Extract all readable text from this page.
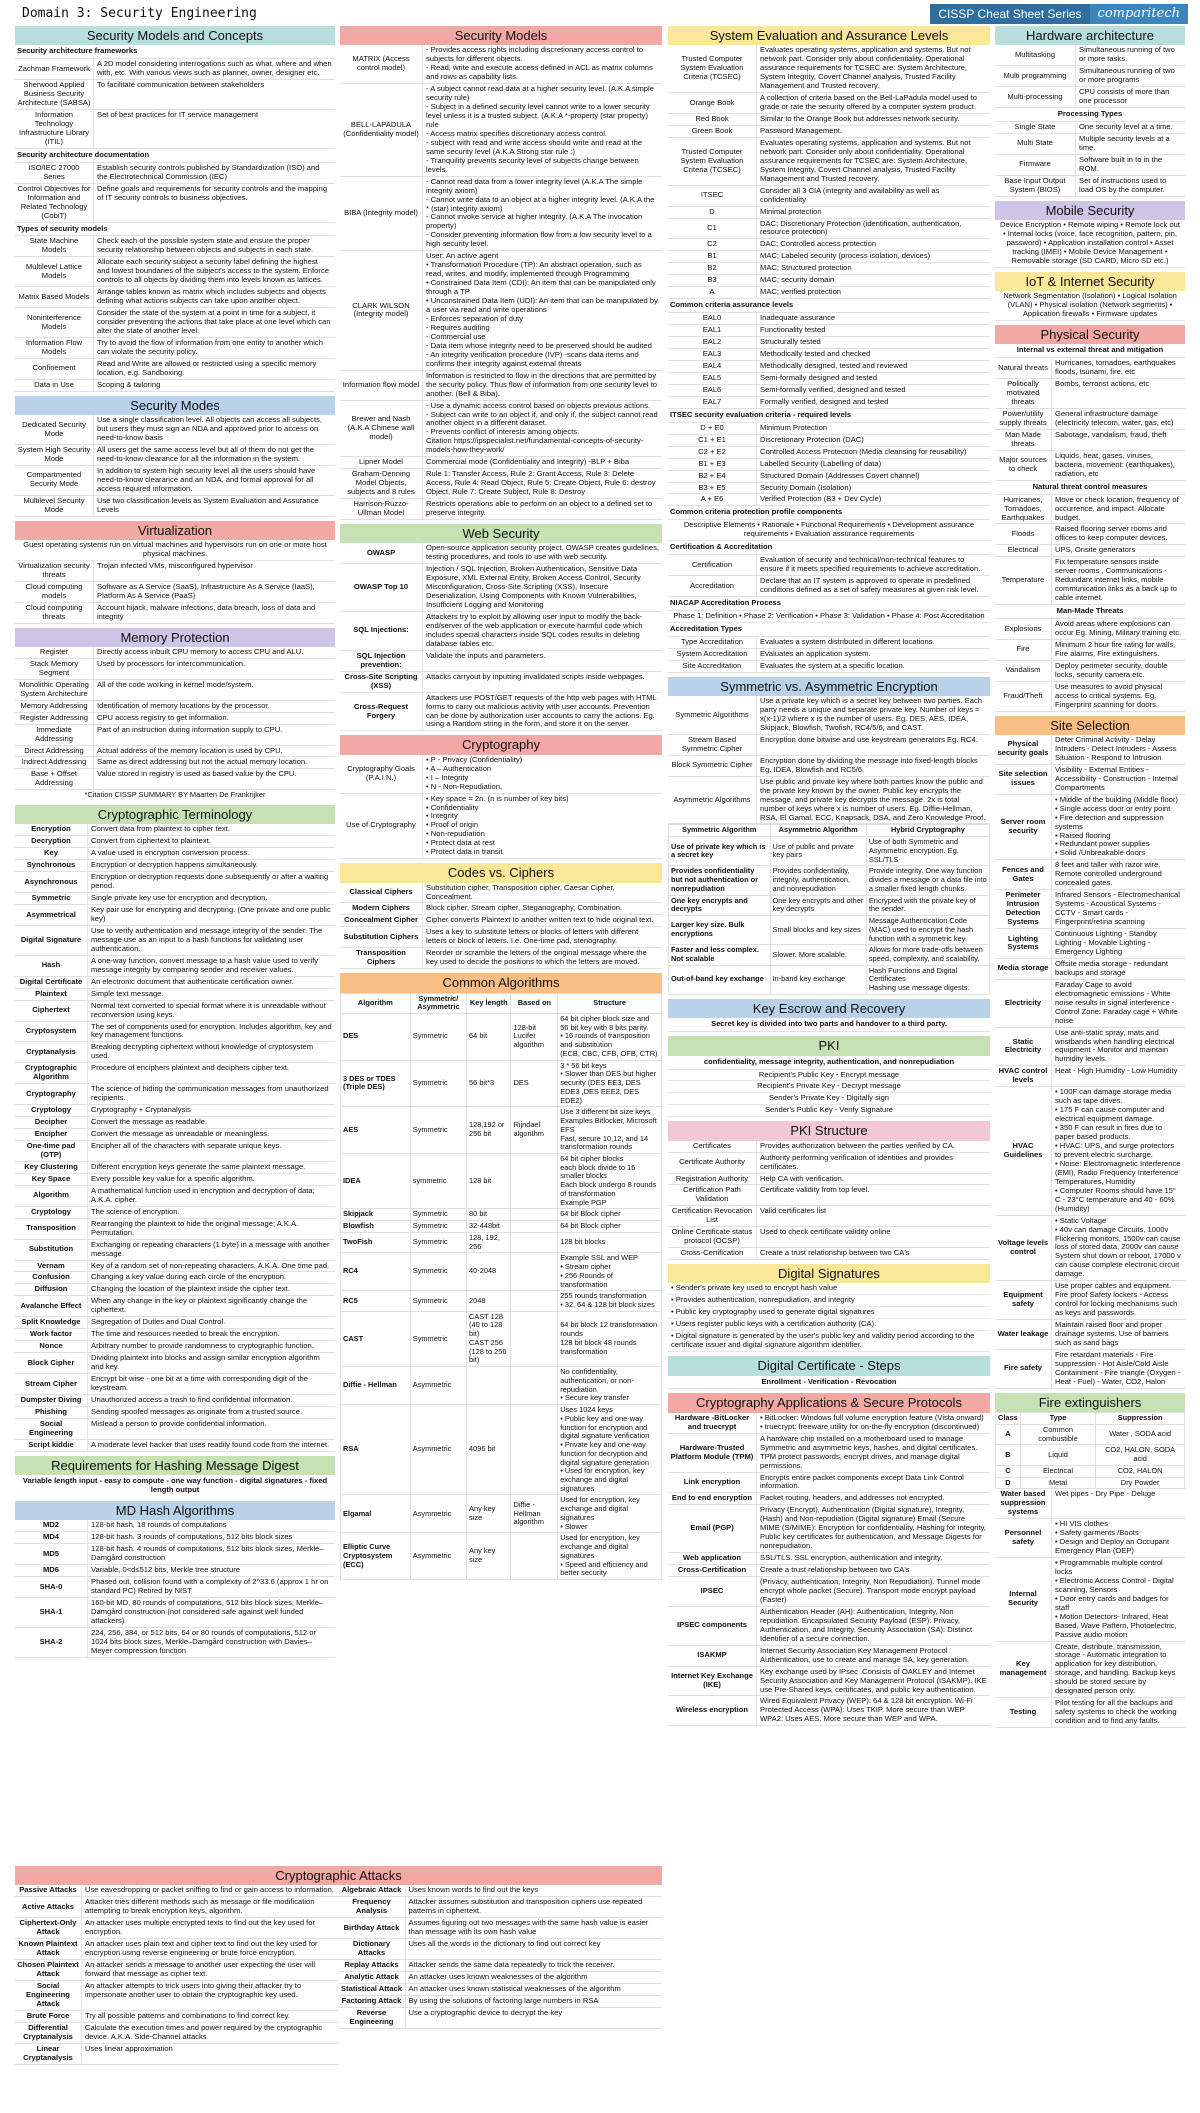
Domain 3: Security Engineering	CISSP Cheat Sheet Series	comparitech
Security Models and Concepts
Security architecture frameworks
Zachman Framework A 2D model considering interrogations such as what, where and when with, etc. With various views such as planner, owner, designer etc.
Sherwood Applied Business Security Architecture (SABSA)
To facilitate communication between stakeholders
Information Technology Infrastructure Library (ITIL)
Set of best practices for IT service management
Security architecture documentation
ISO/IEC 27000 Series
Establish security controls published by Standardization (ISO) and the Electrotechnical Commission (IEC)
Control Objectives for Information and Related Technology (CobiT)
Define goals and requirements for security controls and the mapping of IT security controls to business objectives.
Types of security models
State Machine Models
Check each of the possible system state and ensure the proper security relationship between objects and subjects in each state.
Multilevel Lattice Models
Allocate each security subject a security label defining the highest and lowest boundaries of the subject's access to the system. Enforce controls to all objects by dividing them into levels known as lattices.
Matrix Based Models Arrange tables known as matrix which includes subjects and objects defining what actions subjects can take upon another object.
Noninterference Models
Consider the state of the system at a point in time for a subject, it consider preventing the actions that take place at one level which can alter the state of another level.
Information Flow Models
Try to avoid the flow of information from one entity to another which can violate the security policy.
Confinement	Read and Write are allowed or restricted using a specific memory location, e.g. Sandboxing.
Data in Use	Scoping & tailoring
Security Modes
Dedicated Security Mode
Use a single classification level. All objects can access all subjects, but users they must sign an NDA and approved prior to access on need-to-know basis
System High Security Mode
All users get the same access level but all of them do not get the need-to-know clearance for all the information in the system.
Compartmented Security Mode
In addition to system high security level all the users should have need-to-know clearance and an NDA, and formal approval for all access required information.
Multilevel Security Mode
Use two classification levels as System Evaluation and Assurance Levels
Virtualization
Guest operating systems run on virtual machines and hypervisors run on one or more host physical machines.
Virtualization security threats
Trojan infected VMs, misconfigured hypervisor
Cloud computing models
Software as A Service (SaaS), Infrastructure As A Service (IaaS), Platform As A Service (PaaS)
Cloud computing threats
Account hijack, malware infections, data breach, loss of data and integrity
Memory Protection
Register	Directly access inbuilt CPU memory to access CPU and ALU.
Stack Memory Segment
Used by processors for intercommunication.
Monolithic Operating System Architecture
All of the code working in kernel mode/system.
Memory Addressing	Identification of memory locations by the processor.
Register Addressing	CPU access registry to get information.
Immediate Addressing
Part of an instruction during information supply to CPU.
Direct Addressing	Actual address of the memory location is used by CPU.
Indirect Addressing	Same as direct addressing but not the actual memory location.
Base + Offset Addressing
Value stored in registry is used as based value by the CPU.
*Citation CISSP SUMMARY BY Maarten De Frankrijker
Cryptographic Terminology
Encryption	Convert data from plaintext to cipher text.
Decryption	Convert from ciphertext to plaintext.
Key	A value used in encryption conversion process.
Synchronous	Encryption or decryption happens simultaneously.
Asynchronous	Encryption or decryption requests done subsequently or after a waiting period.
Symmetric	Single private key use for encryption and decryption.
Asymmetrical	Key pair use for encrypting and decrypting. (One private and one public key)
Digital Signature
Use to verify authentication and message integrity of the sender. The message use as an input to a hash functions for validating user authentication.
Hash	A one-way function, convert message to a hash value used to verify message integrity by comparing sender and receiver values.
Digital Certificate	An electronic document that authenticate certification owner.
Plaintext	Simple text message.
Ciphertext	Normal text converted to special format where it is unreadable without reconversion using keys.
Cryptosystem	The set of components used for encryption. Includes algorithm, key and key management functions.
Cryptanalysis	Breaking decrypting ciphertext without knowledge of cryptosystem used.
Cryptographic Algorithm
Procedure of enciphers plaintext and deciphers cipher text.
Cryptography	The science of hiding the communication messages from unauthorized recipients.
Cryptology	Cryptography + Cryptanalysis
Decipher	Convert the message as readable.
Encipher	Convert the message as unreadable or meaningless.
One-time pad (OTP)
Encipher all of the characters with separate unique keys.
Key Clustering	Different encryption keys generate the same plaintext message.
Key Space	Every possible key value for a specific algorithm.
Algorithm	A mathematical function used in encryption and decryption of data; A.K.A. cipher.
Cryptology	The science of encryption.
Transposition	Rearranging the plaintext to hide the original message; A.K.A. Permutation.
Substitution	Exchanging or repeating characters (1 byte) in a message with another message.
Vernam	Key of a random set of non-repeating characters. A.K.A. One time pad.
Confusion	Changing a key value during each circle of the encryption.
Diffusion	Changing the location of the plaintext inside the cipher text.
Avalanche Effect	When any change in the key or plaintext significantly change the ciphertext.
Split Knowledge	Segregation of Duties and Dual Control.
Work factor	The time and resources needed to break the encryption.
Nonce	Arbitrary number to provide randomness to cryptographic function.
Block Cipher	Dividing plaintext into blocks and assign similar encryption algorithm and key.
Stream Cipher	Encrypt bit wise - one bit at a time with corresponding digit of the keystream.
Dumpster Diving	Unauthorized access a trash to find confidential information.
Phishing	Sending spoofed messages as originate from a trusted source.
Social Engineering
Mislead a person to provide confidential information.
Script kiddie	A moderate level hacker that uses readily found code from the internet.
Requirements for Hashing Message Digest
Variable length input - easy to compute - one way function - digital signatures - fixed length output
MD Hash Algorithms
MD2	128-bit hash, 18 rounds of computations
MD4	128-bit hash. 3 rounds of computations, 512 bits block sizes
MD5	128-bit hash. 4 rounds of computations, 512 bits block sizes, Merkle–Damgård construction
MD6	Variable, 0<d≤512 bits, Merkle tree structure
SHA-0	Phased out, collision found with a complexity of 2^33.6 (approx 1 hr on standard PC) Retired by NIST
SHA-1
160-bit MD, 80 rounds of computations, 512 bits block sizes, Merkle–Damgård construction (not considered safe against well funded attackers)
SHA-2
224, 256, 384, or 512 bits, 64 or 80 rounds of computations, 512 or 1024 bits block sizes, Merkle–Damgård construction with Davies–Meyer compression function
Security Models
MATRIX (Access control model)
- Provides access rights including discretionary access control to subjects for different objects.
- Read, write and execute access defined in ACL as matrix columns and rows as capability lists.
BELL-LAPADULA (Confidentiality model)
- A subject cannot read data at a higher security level. (A.K.A simple security rule)
- Subject in a defined security level cannot write to a lower security level unless it is a trusted subject. (A.K.A *-property (star property) rule
- Access matrix specifies discretionary access control.
- subject with read and write access should write and read at the same security level (A.K.A Strong star rule :)
- Tranquility prevents security level of subjects change between levels.
BIBA (Integrity model)
- Cannot read data from a lower integrity level (A.K.A The simple integrity axiom)
- Cannot write data to an object at a higher integrity level. (A.K.A the * (star) integrity axiom)
- Cannot invoke service at higher integrity. (A.K.A The invocation property)
- Consider preventing information flow from a low security level to a high security level.
CLARK WILSON (Integrity model)
User: An active agent
• Transformation Procedure (TP): An abstract operation, such as read, writes, and modify, implemented through Programming
• Constrained Data Item (CDI): An item that can be manipulated only through a TP
• Unconstrained Data Item (UDI): An item that can be manipulated by a user via read and write operations
- Enforces separation of duty
- Requires auditing
- Commercial use
- Data item whose integrity need to be preserved should be audited
- An integrity verification procedure (IVP) -scans data items and confirms their integrity against external threats
Information flow model
Information is restricted to flow in the directions that are permitted by the security policy. Thus flow of information from one security level to another. (Bell & Biba).
Brewer and Nash (A.K.A Chinese wall model)
- Use a dynamic access control based on objects previous actions.
- Subject can write to an object if, and only if, the subject cannot read another object in a different dataset.
- Prevents conflict of interests among objects.
Citation https://ipspecialist.net/fundamental-concepts-of-security-models-how-they-work/
Lipner Model	Commercial mode (Confidentiality and Integrity) -BLP + Biba
Graham-Denning Model Objects, subjects and 8 rules
Rule 1: Transfer Access, Rule 2: Grant Access, Rule 3: Delete Access, Rule 4: Read Object, Rule 5: Create Object, Rule 6: destroy Object, Rule 7: Create Subject, Rule 8: Destroy
Harrison-Ruzzo-Ullman Model
Restricts operations able to perform on an object to a defined set to preserve integrity.
Web Security
OWASP	Open-source application security project. OWASP creates guidelines, testing procedures, and tools to use with web security.
OWASP Top 10
Injection / SQL Injection, Broken Authentication, Sensitive Data Exposure, XML External Entity, Broken Access Control, Security Misconfiguration, Cross-Site Scripting (XSS), Insecure Deserialization, Using Components with Known Vulnerabilities, Insufficient Logging and Monitoring
SQL Injections:
Attackers try to exploit by allowing user input to modify the back-end/server of the web application or execute harmful code which includes special characters inside SQL codes results in deleting database tables etc.
SQL Injection prevention:
Validate the inputs and parameters.
Cross-Site Scripting (XSS)
Attacks carryout by inputting invalidated scripts inside webpages.
Cross-Request Forgery
Attackers use POST/GET requests of the http web pages with HTML forms to carry out malicious activity with user accounts. Prevention can be done by authorization user accounts to carry the actions. Eg. using a Random string in the form, and store it on the server.
Cryptography
Cryptography Goals (P.A.I.N.)
• P - Privacy (Confidentiality)
• A – Authentication
• I – Integrity
• N - Non-Repudiation.
Use of Cryptography
• Key space = 2n. (n is number of key bits)
• Confidentiality
• Integrity
• Proof of origin
• Non-repudiation
• Protect data at rest
• Protect data in transit
Codes vs. Ciphers
Classical Ciphers	Substitution cipher, Transposition cipher, Caesar Cipher, Concealment.
Modern Ciphers	Block cipher, Stream cipher, Steganography, Combination.
Concealment Cipher	Cipher converts Plaintext to another written text to hide original text.
Substitution Ciphers	Uses a key to substitute letters or blocks of letters with different letters or block of letters. I.e. One-time pad, stenography.
Transposition Ciphers
Reorder or scramble the letters of the original message where the key used to decide the positions to which the letters are moved.
Common Algorithms
Algorithm	Symmetric/ Asymmetric	Key length	Based on	Structure
DES	Symmetric	64 bit	128-bit Lucifer algorithm	64 bit cipher block size and 56 bit key with 8 bits parity.
• 16 rounds of transposition and substitution
(ECB, CBC, CFB, OFB, CTR)
3 DES or TDES (Triple DES)	Symmetric	56 bit*3	DES	3 * 56 bit keys
• Slower than DES but higher security (DES EE3, DES EDE3 ,DES EEE2, DES EDE2)
AES	Symmetric	128,192 or 256 bit	Rijndael algorithm	Use 3 different bit size keys
Examples Bitlocker, Microsoft EFS
Fast, secure 10,12, and 14 transformation rounds
IDEA	symmetric	128 bit		64 bit cipher blocks
each block divide to 16 smaller blocks
Each block undergo 8 rounds of transformation
Example PGP
Skipjack	Symmetric	80 bit		64 bit Block cipher
Blowfish	Symmetric	32-448bit		64 bit Block cipher
TwoFish	Symmetric	128, 192, 256		128 bit blocks
RC4	Symmetric	40-2048		Example SSL and WEP
• Stream cipher
• 256 Rounds of transformation
RC5	Symmetric	2048		255 rounds transformation
• 32, 64 & 128 bit block sizes
CAST	Symmetric	CAST 128 (40 to 128 bit)
CAST 256 (128 to 256 bit)		64 bit block 12 transformation rounds
128 bit block 48 rounds transformation
Diffie - Hellman	Asymmetric			No confidentiality, authentication, or non-repudiation
• Secure key transfer
RSA	Asymmetric	4096 bit		Uses 1024 keys
• Public key and one-way function for encryption and digital signature verification
• Private key and one-way function for decryption and digital signature generation
• Used for encryption, key exchange and digital signatures
Elgamal	Asymmetric	Any key size	Diffie - Hellman algorithm	Used for encryption, key exchange and digital signatures
• Slower
Elliptic Curve Cryptosystem (ECC)	Asymmetric	Any key size		Used for encryption, key exchange and digital signatures
• Speed and efficiency and better security
System Evaluation and Assurance Levels
Trusted Computer System Evaluation Criteria (TCSEC)
Evaluates operating systems, application and systems. But not network part. Consider only about confidentiality. Operational assurance requirements for TCSEC are: System Architecture, System Integrity, Covert Channel analysis, Trusted Facility Management and Trusted recovery.
Orange Book	A collection of criteria based on the Bell-LaPadula model used to grade or rate the security offered by a computer system product.
Red Book	Similar to the Orange Book but addresses network security.
Green Book	Password Management.
Trusted Computer System Evaluation Criteria (TCSEC)
Evaluates operating systems, application and systems. But not network part. Consider only about confidentiality. Operational assurance requirements for TCSEC are: System Architecture, System Integrity, Covert Channel analysis, Trusted Facility Management and Trusted recovery.
ITSEC	Consider all 3 CIA (integrity and availability as well as confidentiality
D	Minimal protection
C1	DAC; Discretionary Protection (identification, authentication, resource protection)
C2	DAC; Controlled access protection
B1	MAC; Labeled security (process isolation, devices)
B2	MAC; Structured protection
B3	MAC; security domain
A	MAC; verified protection
Common criteria assurance levels
EAL0	Inadequate assurance
EAL1	Functionality tested
EAL2	Structurally tested
EAL3	Methodically tested and checked
EAL4	Methodically designed, tested and reviewed
EAL5	Semi-formally designed and tested
EAL6	Semi-formally verified, designed and tested
EAL7	Formally verified, designed and tested
ITSEC security evaluation criteria - required levels
D + E0	Minimum Protection
C1 + E1	Discretionary Protection (DAC)
C2 + E2	Controlled Access Protection (Media cleansing for reusability)
B1 + E3	Labelled Security (Labelling of data)
B2 + E4	Structured Domain (Addresses Covert channel)
B3 + E5	Security Domain (Isolation)
A + E6	Verified Protection (B3 + Dev Cycle)
Common criteria protection profile components
Descriptive Elements • Rationale • Functional Requirements • Development assurance requirements • Evaluation assurance requirements
Certification & Accreditation
Certification	Evaluation of security and technical/non-technical features to ensure if it meets specified requirements to achieve accreditation.
Accreditation	Declare that an IT system is approved to operate in predefined conditions defined as a set of safety measures at given risk level.
NIACAP Accreditation Process
Phase 1: Definition • Phase 2: Verification • Phase 3: Validation • Phase 4: Post Accreditation
Accreditation Types
Type Accreditation	Evaluates a system distributed in different locations.
System Accreditation	Evaluates an application system.
Site Accreditation	Evaluates the system at a specific location.
Symmetric vs. Asymmetric Encryption
Symmetric Algorithms
Use a private key which is a secret key between two parties. Each party needs a unique and separate private key. Number of keys = x(x-1)/2 where x is the number of users. Eg. DES, AES, IDEA, Skipjack, Blowfish, Twofish, RC4/5/6, and CAST.
Stream Based Symmetric Cipher
Encryption done bitwise and use keystream generators Eg. RC4.
Block Symmetric Cipher Encryption done by dividing the message into fixed-length blocks Eg. IDEA, Blowfish and RC5/6.
Asymmetric Algorithms
Use public and private key where both parties know the public and the private key known by the owner. Public key encrypts the message, and private key decrypts the message. 2x is total number of keys where x is number of users. Eg. Diffie-Hellman, RSA, El Gamal, ECC, Knapsack, DSA, and Zero Knowledge Proof.
Symmetric Algorithm	Asymmetric Algorithm	Hybrid Cryptography
Use of private key which is a secret key	Use of public and private key pairs	Use of both Symmetric and Asymmetric encryption. Eg. SSL/TLS
Provides confidentiality but not authentication or nonrepudiation	Provides confidentiality, integrity, authentication, and nonrepudiation	Provide integrity. One way function divides a message or a data file into a smaller fixed length chunks.
One key encrypts and decrypts	One key encrypts and other key decrypts	Encrypted with the private key of the sender.
Larger key size. Bulk encryptions	Small blocks and key sizes	Message Authentication Code (MAC) used to encrypt the hash function with a symmetric key.
Faster and less complex. Not scalable	Slower. More scalable.	Allows for more trade-offs between speed, complexity, and scalability.
Out-of-band key exchange	In-band key exchange	Hash Functions and Digital Certificates
Hashing use message digests.
Key Escrow and Recovery
Secret key is divided into two parts and handover to a third party.
PKI
confidentiality, message integrity, authentication, and nonrepudiation
Recipient's Public Key - Encrypt message
Recipient's Private Key - Decrypt message
Sender's Private Key - Digitally sign
Sender's Public Key - Verify Signature
PKI Structure
Certificates	Provides authorization between the parties verified by CA.
Certificate Authority	Authority performing verification of identities and provides certificates.
Registration Authority	Help CA with verification.
Certification Path Validation
Certificate validity from top level.
Certification Revocation List
Valid certificates list
Online Certificate status protocol (OCSP)
Used to check certificate validity online
Cross-Certification	Create a trust relationship between two CA's
Digital Signatures
• Sender's private key used to encrypt hash value
• Provides authentication, nonrepudiation, and integrity
• Public key cryptography used to generate digital signatures
• Users register public keys with a certification authority (CA).
• Digital signature is generated by the user's public key and validity period according to the certificate issuer and digital signature algorithm identifier.
Digital Certificate - Steps
Enrollment - Verification - Revocation
Cryptography Applications & Secure Protocols
Hardware -BitLocker and truecrypt
• BitLocker: Windows full volume encryption feature (Vista onward)
• truecrypt: freeware utility for on-the-fly encryption (discontinued)
Hardware-Trusted Platform Module (TPM)
A hardware chip installed on a motherboard used to manage Symmetric and asymmetric keys, hashes, and digital certificates. TPM protect passwords, encrypt drives, and manage digital permissions.
Link encryption	Encrypts entire packet components except Data Link Control information.
End to end encryption	Packet routing, headers, and addresses not encrypted.
Email (PGP)
Privacy (Encrypt), Authentication (Digital signature), Integrity, (Hash) and Non-repudiation (Digital signature) Email (Secure MIME (S/MIME): Encryption for confidentiality, Hashing for integrity, Public key certificates for authentication, and Message Digests for nonrepudiation.
Web application	SSL/TLS. SSL encryption, authentication and integrity.
Cross-Certification	Create a trust relationship between two CA's
IPSEC
(Privacy, authentication, Integrity, Non Repudiation). Tunnel mode encrypt whole packet (Secure). Transport mode encrypt payload (Faster)
IPSEC components
Authentication Header (AH): Authentication, Integrity, Non repudiation. Encapsulated Security Payload (ESP): Privacy, Authentication, and Integrity. Security Association (SA): Distinct Identifier of a secure connection.
ISAKMP	Internet Security Association Key Management Protocol Authentication, use to create and manage SA, key generation.
Internet Key Exchange (IKE)
Key exchange used by IPsec .Consists of OAKLEY and Internet Security Association and Key Management Protocol (ISAKMP). IKE use Pre-Shared keys, certificates, and public key authentication.
Wireless encryption
Wired Equivalent Privacy (WEP): 64 & 128 bit encryption. Wi-Fi Protected Access (WPA): Uses TKIP. More secure than WEP WPA2: Uses AES. More secure than WEP and WPA.
Hardware architecture
Multitasking	Simultaneous running of two or more tasks.
Multi programming	Simultaneous running of two or more programs
Multi-processing	CPU consists of more than one processor
Processing Types
Single State	One security level at a time.
Multi State	Multiple security levels at a time.
Firmware	Software built in to in the ROM.
Base Input Output System (BIOS)
Set of instructions used to load OS by the computer.
Mobile Security
Device Encryption • Remote wiping • Remote lock out • Internal locks (voice, face recognition, pattern, pin, password) • Application installation control • Asset tracking (IMEI) • Mobile Device Management • Removable storage (SD CARD, Micro SD etc.)
IoT & Internet Security
Network Segmentation (Isolation) • Logical Isolation (VLAN) • Physical isolation (Network segments) • Application firewalls • Firmware updates
Physical Security
Internal vs external threat and mitigation
Natural threats Hurricanes, tornadoes, earthquakes floods, tsunami, fire, etc
Politically motivated threats
Bombs, terrorist actions, etc
Power/utility supply threats
General infrastructure damage (electricity telecom, water, gas, etc)
Man Made threats
Sabotage, vandalism, fraud, theft
Major sources to check
Liquids, heat, gases, viruses, bacteria, movement: (earthquakes), radiation, etc
Natural threat control measures
Hurricanes, Tornadoes, Earthquakes
Move or check location, frequency of occurrence, and impact. Allocate budget.
Floods	Raised flooring server rooms and offices to keep computer devices.
Electrical	UPS, Onsite generators
Temperature
Fix temperature sensors inside server rooms , Communications - Redundant internet links, mobile communication links as a back up to cable internet.
Man-Made Threats
Explosions	Avoid areas where explosions can occur Eg. Mining, Military training etc.
Fire	Minimum 2 hour fire rating for walls, Fire alarms, Fire extinguishers.
Vandalism	Deploy perimeter security, double locks, security camera etc.
Fraud/Theft
Use measures to avoid physical access to critical systems. Eg. Fingerprint scanning for doors.
Site Selection
Physical security goals
Deter Criminal Activity - Delay Intruders - Detect Intruders - Assess Situation - Respond to Intrusion
Site selection issues
Visibility - External Entities - Accessibility - Construction - Internal Compartments
Server room security
• Middle of the building (Middle floor)
• Single access door or entry point
• Fire detection and suppression systems
• Raised flooring
• Redundant power supplies
• Solid /Unbreakable doors
Fences and Gates
8 feet and taller with razor wire. Remote controlled underground concealed gates.
Perimeter Intrusion Detection Systems
Infrared Sensors - Electromechanical Systems - Acoustical Systems - CCTV - Smart cards - Fingerprint/retina scanning
Lighting Systems
Continuous Lighting - Standby Lighting - Movable Lighting - Emergency Lighting
Media storage Offsite media storage - redundant backups and storage
Electricity
Faraday Cage to avoid electromagnetic emissions - White noise results in signal interference - Control Zone: Faraday cage + White noise
Static Electricity
Use anti-static spray, mats and wristbands when handling electrical equipment - Monitor and maintain humidity levels.
HVAC control levels
Heat - High Humidity - Low Humidity
HVAC Guidelines
• 100F can damage storage media such as tape drives.
• 175 F can cause computer and electrical equipment damage.
• 350 F can result in fires due to paper based products.
• HVAC: UPS, and surge protectors to prevent electric surcharge.
• Noise: Electromagnetic Interference (EMI), Radio Frequency Interference Temperatures, Humidity
• Computer Rooms should have 15° C - 23°C temperature and 40 - 60% (Humidity)
Voltage levels control
• Static Voltage
• 40v can damage Circuits, 1000v Flickering monitors, 1500v can cause loss of stored data, 2000v can cause System shut down or reboot, 17000 v can cause complete electronic circuit damage.
Equipment safety
Use proper cables and equipment. Fire proof Safety lockers - Access control for locking mechanisms such as keys and passwords.
Water leakage
Maintain raised floor and proper drainage systems. Use of barriers such as sand bags
Fire safety
Fire retardant materials - Fire suppression - Hot Aisle/Cold Aisle Containment - Fire triangle (Oxygen - Heat - Fuel) - Water, CO2, Halon
Fire extinguishers
Class	Type	Suppression
A	Common combustible	Water , SODA acid
B	Liquid	CO2, HALON, SODA acid
C	Electrical	CO2, HALON
D	Metal	Dry Powder
Water based suppression systems
Wet pipes - Dry Pipe - Deluge
Personnel safety
• HI VIS clothes
• Safety garments /Boots
• Design and Deploy an Occupant Emergency Plan (OEP)
Internal Security
• Programmable multiple control locks
• Electronic Access Control - Digital scanning, Sensors
• Door entry cards and badges for staff
• Motion Detectors- Infrared, Heat Based, Wave Pattern, Photoelectric, Passive audio motion
Key management
Create, distribute, transmission, storage - Automatic integration to application for key distribution, storage, and handling. Backup keys should be stored secure by designated person only.
Testing
Pilot testing for all the backups and safety systems to check the working condition and to find any faults.
Cryptographic Attacks
Passive Attacks	Use eavesdropping or packet sniffing to find or gain access to information.
Active Attacks	Attacker tries different methods such as message or file modification attempting to break encryption keys, algorithm.
Ciphertext-Only Attack
An attacker uses multiple encrypted texts to find out the key used for encryption.
Known Plaintext Attack
An attacker uses plain text and cipher text to find out the key used for encryption using reverse engineering or brute force encryption.
Chosen Plaintext Attack
An attacker sends a message to another user expecting the user will forward that message as cipher text.
Social Engineering Attack
An attacker attempts to trick users into giving their attacker try to impersonate another user to obtain the cryptographic key used.
Brute Force	Try all possible patterns and combinations to find correct key.
Differential Cryptanalysis
Calculate the execution times and power required by the cryptographic device. A.K.A. Side-Channel attacks
Linear Cryptanalysis
Uses linear approximation
Algebraic Attack Uses known words to find out the keys
Frequency Analysis
Attacker assumes substitution and transposition ciphers use repeated patterns in ciphertext.
Birthday Attack	Assumes figuring out two messages with the same hash value is easier than message with its own hash value
Dictionary Attacks
Uses all the words in the dictionary to find out correct key
Replay Attacks	Attacker sends the same data repeatedly to trick the receiver.
Analytic Attack	An attacker uses known weaknesses of the algorithm
Statistical Attack An attacker uses known statistical weaknesses of the algorithm
Factoring Attack By using the solutions of factoring large numbers in RSA
Reverse Engineering
Use a cryptographic device to decrypt the key
